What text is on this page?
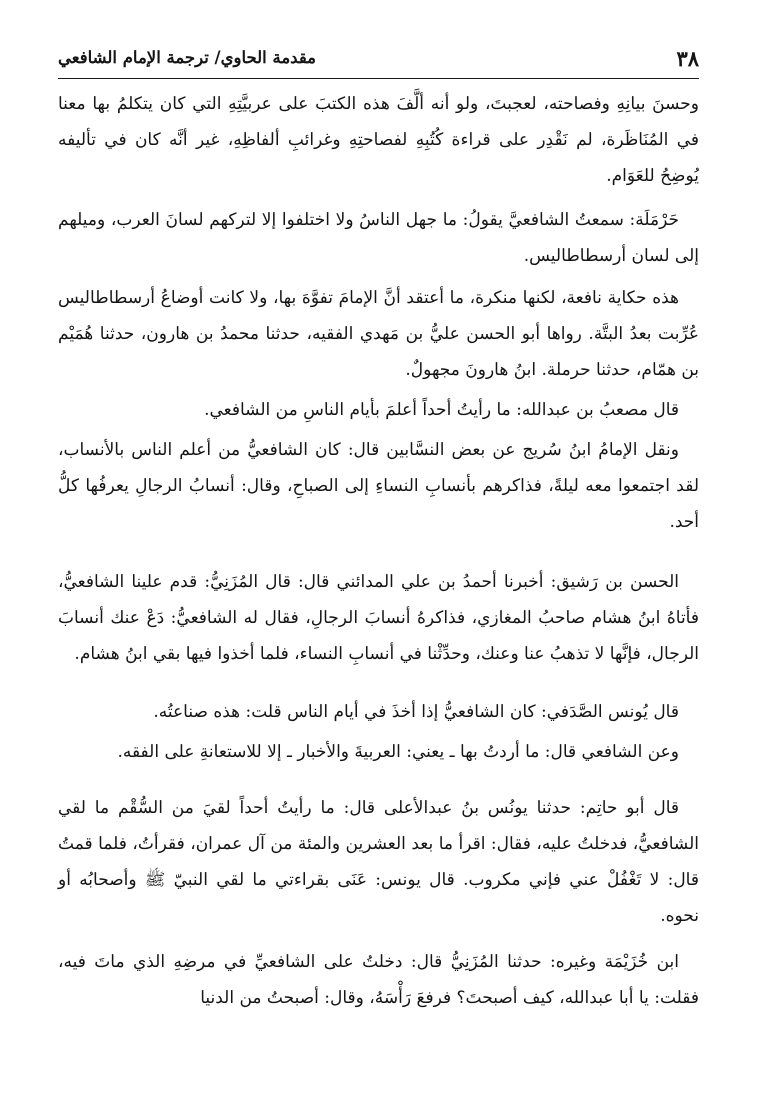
٣٨
مقدمة الحاوي/ ترجمة الإمام الشافعي

وحسنَ بيانِهِ وفصاحته، لعجبتَ، ولو أنه ألَّفَ هذه الكتبَ على عربيَّتِهِ التي كان يتكلمُ بها معنا في المُنَاظَرة، لم نَقْدِر على قراءة كُتُبِهِ لفصاحتِهِ وغرائبِ ألفاظِهِ، غير أنَّه كان في تأليفه يُوضِحُ للعَوَام.

حَرْمَلَة: سمعتُ الشافعيَّ يقولُ: ما جهل الناسُ ولا اختلفوا إلا لتركهم لسانَ العرب، وميلهم إلى لسان أرسطاطاليس.

هذه حكاية نافعة، لكنها منكرة، ما أعتقد أنَّ الإمامَ تفوَّهَ بها، ولا كانت أوضاعُ أرسطاطاليس عُرِّبت بعدُ البتَّة. رواها أبو الحسن عليُّ بن مَهدي الفقيه، حدثنا محمدُ بن هارون، حدثنا هُمَيْم بن همّام، حدثنا حرملة. ابنُ هارونَ مجهولٌ.

قال مصعبُ بن عبدالله: ما رأيتُ أحداً أعلمَ بأيام الناسِ من الشافعي.

ونقل الإمامُ ابنُ سُريج عن بعض النسَّابين قال: كان الشافعيُّ من أعلم الناس بالأنساب، لقد اجتمعوا معه ليلةً، فذاكرهم بأنسابِ النساءِ إلى الصباحِ، وقال: أنسابُ الرجالِ يعرفُها كلُّ أحد.

الحسن بن رَشيق: أخبرنا أحمدُ بن علي المدائني قال: قال المُزَنِيُّ: قدم علينا الشافعيُّ، فأتاهُ ابنُ هشام صاحبُ المغازي، فذاكرهُ أنسابَ الرجالِ، فقال له الشافعيُّ: دَعْ عنك أنسابَ الرجال، فإنَّها لا تذهبُ عنا وعنك، وحدِّثْنا في أنسابِ النساء، فلما أخذوا فيها بقي ابنُ هشام.

قال يُونس الصَّدَفي: كان الشافعيُّ إذا أخذَ في أيام الناس قلت: هذه صناعتُه.

وعن الشافعي قال: ما أردتُ بها ـ يعني: العربيةَ والأخبار ـ إلا للاستعانةِ على الفقه.

قال أبو حاتِم: حدثنا يونُس بنُ عبدالأعلى قال: ما رأيتُ أحداً لقيَ من السُّقْم ما لقي الشافعيُّ، فدخلتُ عليه، فقال: اقرأ ما بعد العشرين والمئة من آل عمران، فقرأتُ، فلما قمتُ قال: لا تَغْفُلْ عني فإني مكروب. قال يونس: عَنَى بقراءتي ما لقي النبيّ ﷺ وأصحابُه أو نحوه.

ابن خُزَيْمَة وغيره: حدثنا المُزَنِيُّ قال: دخلتُ على الشافعيِّ في مرضِهِ الذي ماتَ فيه، فقلت: يا أبا عبدالله، كيف أصبحتَ؟ فرفعَ رَأْسَهُ، وقال: أصبحتُ من الدنيا
